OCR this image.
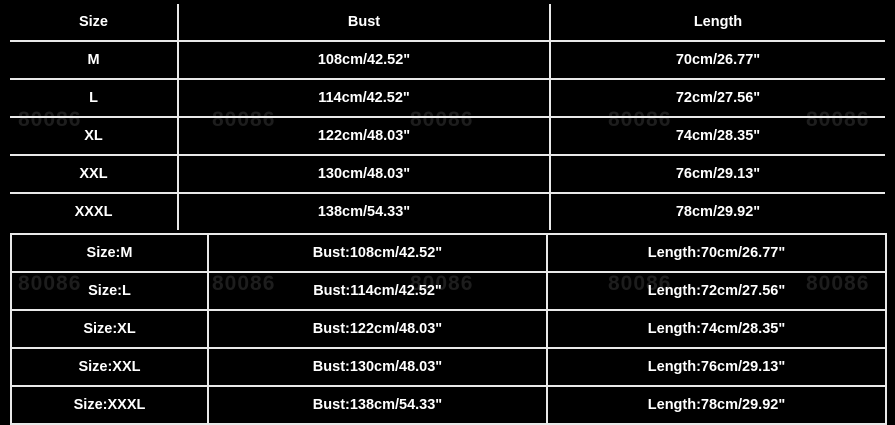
80086	80086	80086	80086	80086
80086	80086	80086	80086	80086
Size	Bust	Length
M	108cm/42.52"	70cm/26.77"
L	114cm/42.52"	72cm/27.56"
XL	122cm/48.03"	74cm/28.35"
XXL	130cm/48.03"	76cm/29.13"
XXXL	138cm/54.33"	78cm/29.92"
Size:M	Bust:108cm/42.52"	Length:70cm/26.77"
Size:L	Bust:114cm/42.52"	Length:72cm/27.56"
Size:XL	Bust:122cm/48.03"	Length:74cm/28.35"
Size:XXL	Bust:130cm/48.03"	Length:76cm/29.13"
Size:XXXL	Bust:138cm/54.33"	Length:78cm/29.92"
